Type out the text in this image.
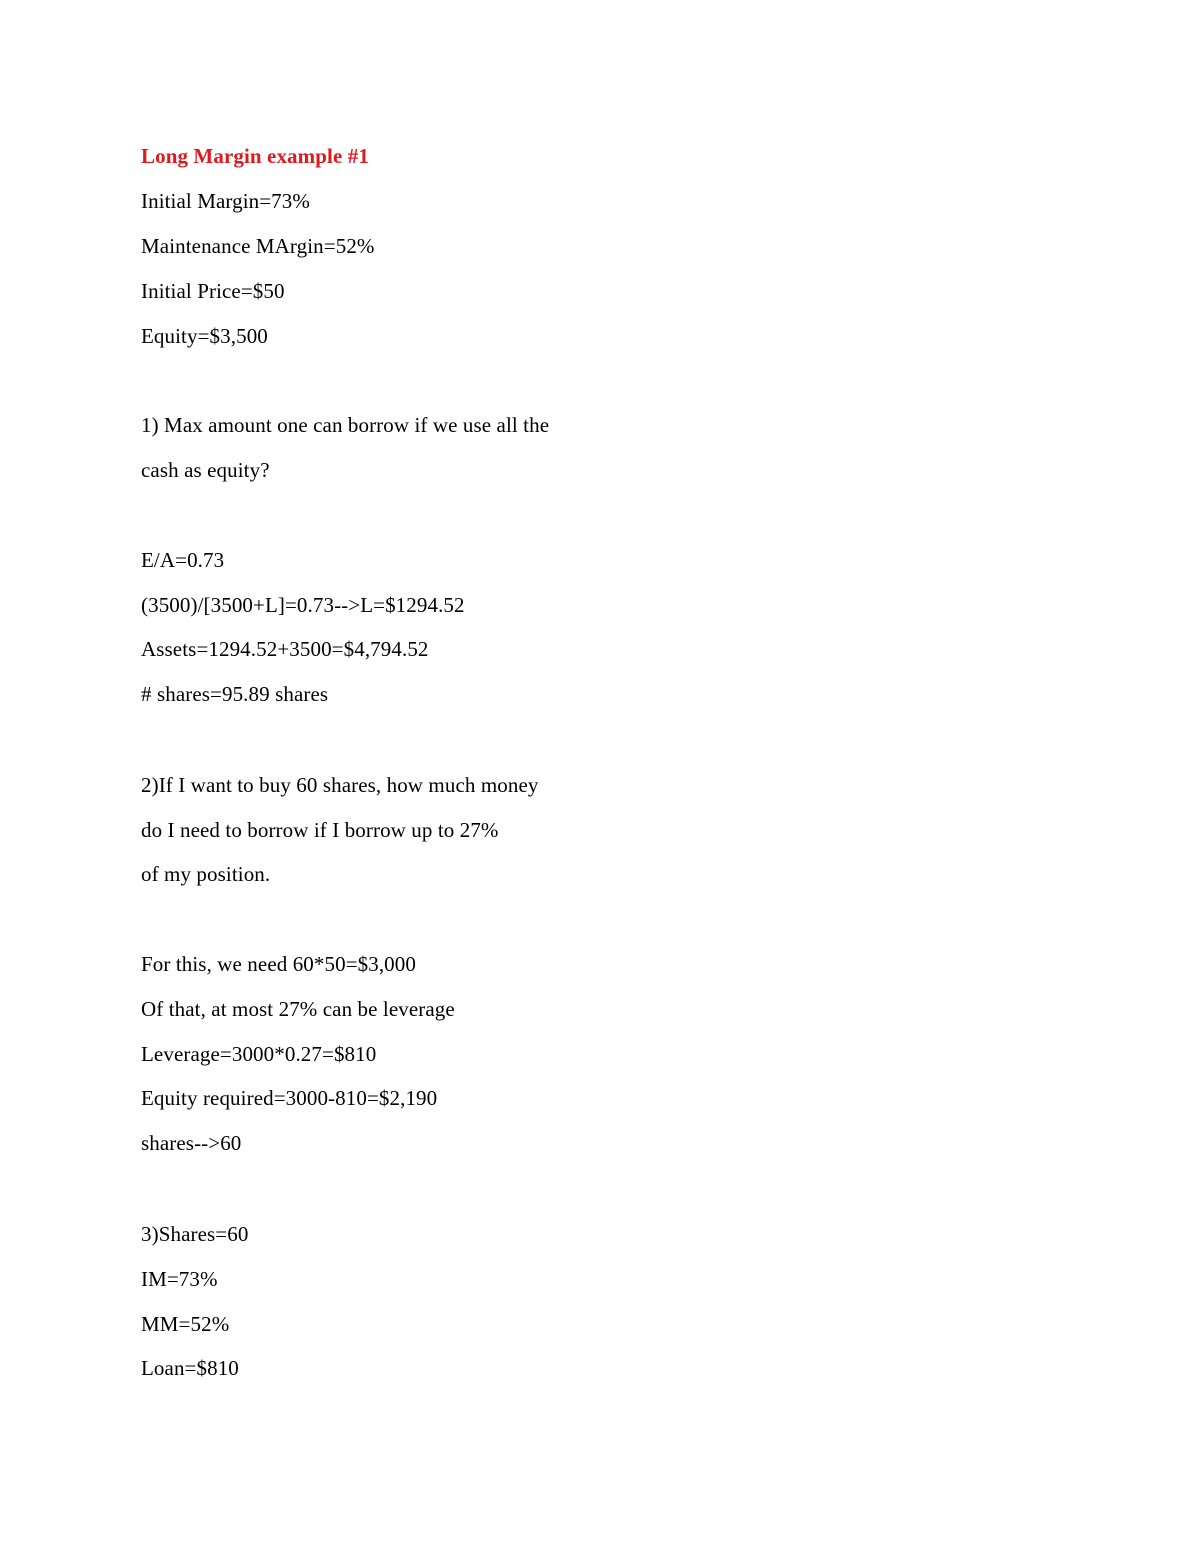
Long Margin example #1
Initial Margin=73%
Maintenance MArgin=52%
Initial Price=$50
Equity=$3,500
1) Max amount one can borrow if we use all the
cash as equity?
E/A=0.73
(3500)/[3500+L]=0.73-->L=$1294.52
Assets=1294.52+3500=$4,794.52
# shares=95.89 shares
2)If I want to buy 60 shares, how much money
do I need to borrow if I borrow up to 27%
of my position.
For this, we need 60*50=$3,000
Of that, at most 27% can be leverage
Leverage=3000*0.27=$810
Equity required=3000-810=$2,190
shares-->60
3)Shares=60
IM=73%
MM=52%
Loan=$810
